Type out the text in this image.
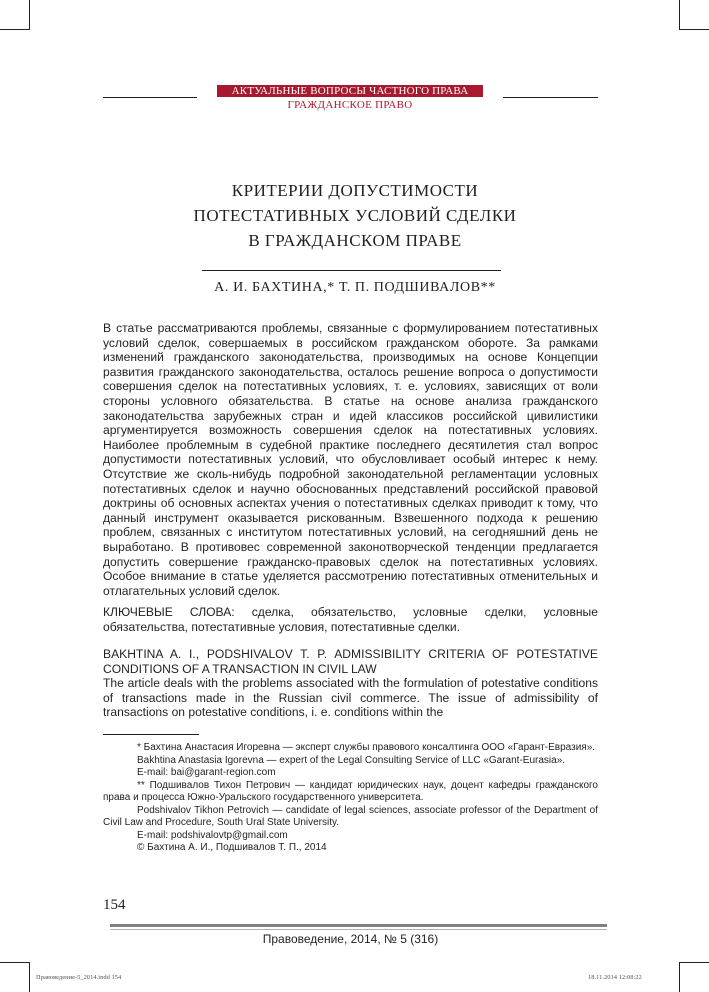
АКТУАЛЬНЫЕ ВОПРОСЫ ЧАСТНОГО ПРАВА
ГРАЖДАНСКОЕ ПРАВО
КРИТЕРИИ ДОПУСТИМОСТИ
ПОТЕСТАТИВНЫХ УСЛОВИЙ СДЕЛКИ
В ГРАЖДАНСКОМ ПРАВЕ
А. И. БАХТИНА,* Т. П. ПОДШИВАЛОВ**
В статье рассматриваются проблемы, связанные с формулированием потестативных условий сделок, совершаемых в российском гражданском обороте. За рамками изменений гражданского законодательства, производимых на основе Концепции развития гражданского законодательства, осталось решение вопроса о допустимости совершения сделок на потестативных условиях, т. е. условиях, зависящих от воли стороны условного обязательства. В статье на основе анализа гражданского законодательства зарубежных стран и идей классиков российской цивилистики аргументируется возможность совершения сделок на потестативных условиях. Наиболее проблемным в судебной практике последнего десятилетия стал вопрос допустимости потестативных условий, что обусловливает особый интерес к нему. Отсутствие же сколь-нибудь подробной законодательной регламентации условных потестативных сделок и научно обоснованных представлений российской правовой доктрины об основных аспектах учения о потестативных сделках приводит к тому, что данный инструмент оказывается рискованным. Взвешенного подхода к решению проблем, связанных с институтом потестативных условий, на сегодняшний день не выработано. В противовес современной законотворческой тенденции предлагается допустить совершение гражданско-правовых сделок на потестативных условиях. Особое внимание в статье уделяется рассмотрению потестативных отменительных и отлагательных условий сделок.
КЛЮЧЕВЫЕ СЛОВА: сделка, обязательство, условные сделки, условные обязательства, потестативные условия, потестативные сделки.
BAKHTINA A. I., PODSHIVALOV T. P. ADMISSIBILITY CRITERIA OF POTESTATIVE CONDITIONS OF A TRANSACTION IN CIVIL LAW
The article deals with the problems associated with the formulation of potestative conditions of transactions made in the Russian civil commerce. The issue of admissibility of transactions on potestative conditions, i. e. conditions within the

* Бахтина Анастасия Игоревна — эксперт службы правового консалтинга ООО «Гарант-Евразия».

Bakhtina Anastasia Igorevna — expert of the Legal Consulting Service of LLC «Garant-Eurasia».

E-mail: bai@garant-region.com

** Подшивалов Тихон Петрович — кандидат юридических наук, доцент кафедры гражданского права и процесса Южно-Уральского государственного университета.

Podshivalov Tikhon Petrovich — candidate of legal sciences, associate professor of the Department of Civil Law and Procedure, South Ural State University.

E-mail: podshivalovtp@gmail.com

© Бахтина А. И., Подшивалов Т. П., 2014

154
Правоведение, 2014, № 5 (316)
Правоведение-5_2014.indd 154	18.11.2014 12:08:22
